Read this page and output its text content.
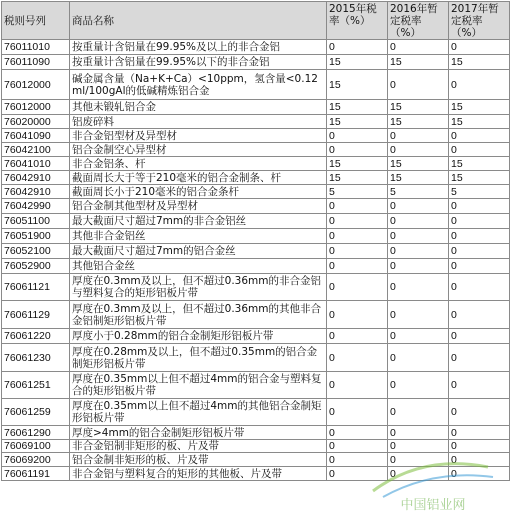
税则号列	商品名称	2015年税率（%）	2016年暂定税率（%）	2017年暂定税率（%）
76011010	按重量计含铝量在99.95%及以上的非合金铝	0	0	0
76011090	按重量计含铝量在99.95%以下的非合金铝	15	15	15
76012000	碱金属含量（Na+K+Ca）<10ppm，氢含量<0.12ml/100gAl的低碱精炼铝合金	15	0	0
76012000	其他未锻轧铝合金	15	15	15
76020000	铝废碎料	15	15	15
76041090	非合金铝型材及异型材	0	0	0
76042100	铝合金制空心异型材	0	0	0
76041010	非合金铝条、杆	15	15	15
76042910	截面周长大于等于210毫米的铝合金制条、杆	15	15	15
76042910	截面周长小于210毫米的铝合金条杆	5	5	5
76042990	铝合金制其他型材及异型材	0	0	0
76051100	最大截面尺寸超过7mm的非合金铝丝	0	0	0
76051900	其他非合金铝丝	0	0	0
76052100	最大截面尺寸超过7mm的铝合金丝	0	0	0
76052900	其他铝合金丝	0	0	0
76061121	厚度在0.3mm及以上，但不超过0.36mm的非合金铝与塑料复合的矩形铝板片带	0	0	0
76061129	厚度在0.3mm及以上，但不超过0.36mm的其他非合金铝制矩形铝板片带	0	0	0
76061220	厚度小于0.28mm的铝合金制矩形铝板片带	0	0	0
76061230	厚度在0.28mm及以上，但不超过0.35mm的铝合金制矩形铝板片带	0	0	0
76061251	厚度在0.35mm以上但不超过4mm的铝合金与塑料复合的矩形铝板片带	0	0	0
76061259	厚度在0.35mm以上但不超过4mm的其他铝合金制矩形铝板片带	0	0	0
76061290	厚度>4mm的铝合金制矩形铝板片带	0	0	0
76069100	非合金铝制非矩形的板、片及带	0	0	0
76069200	铝合金制非矩形的板、片及带	0	0	0
76061191	非合金铝与塑料复合的矩形的其他板、片及带	0	0	0
中国铝业网
